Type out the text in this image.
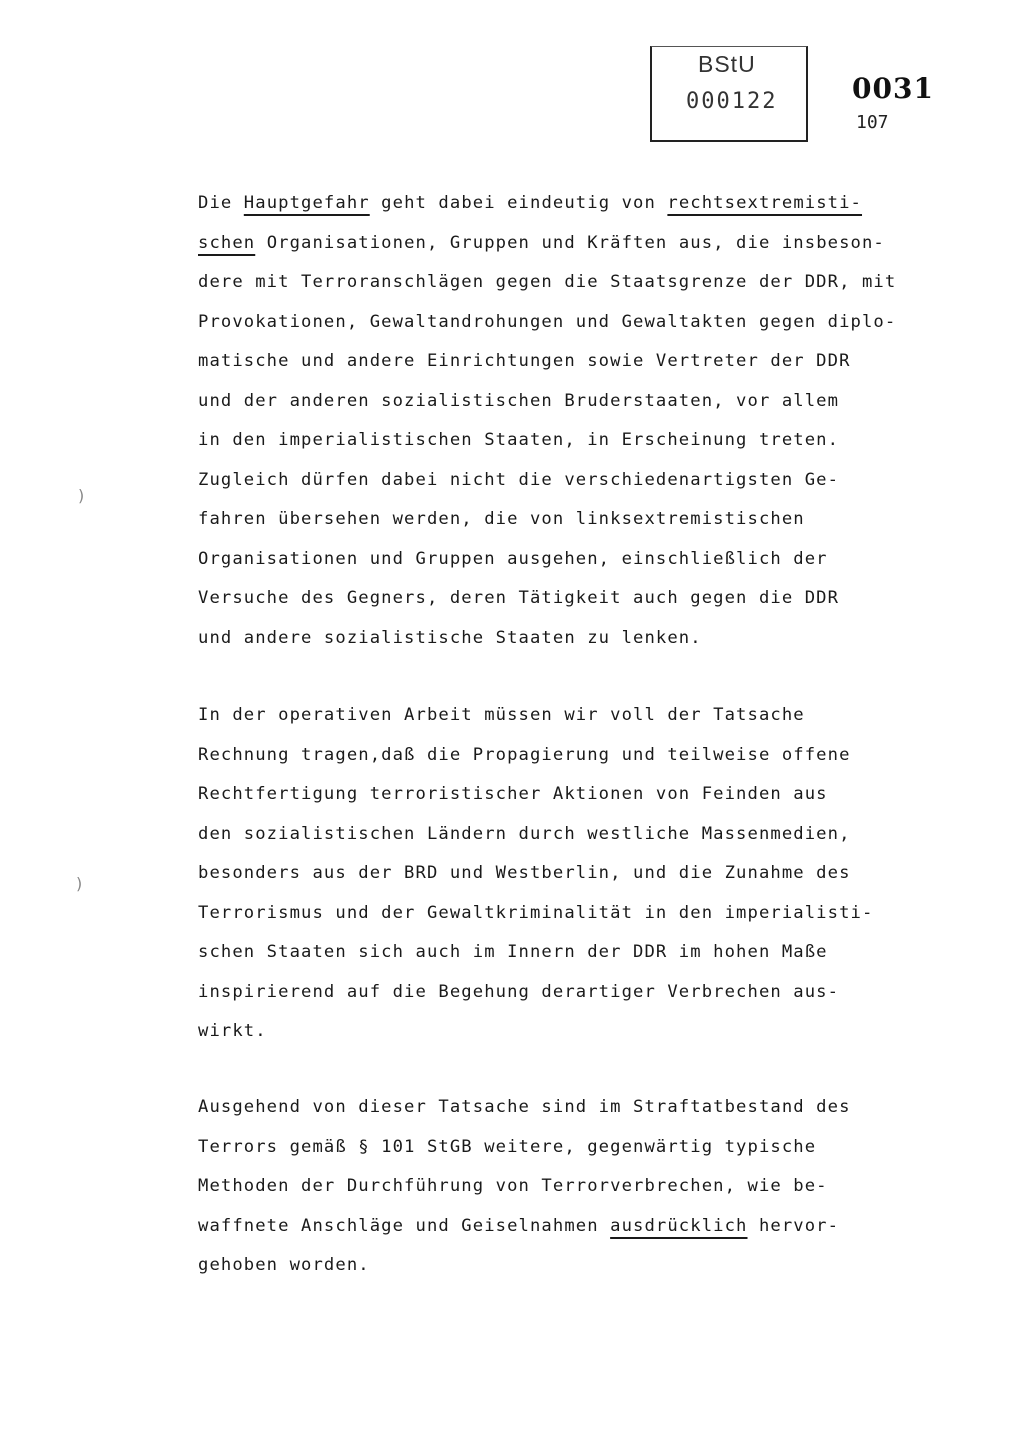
BStU
000122	0031
107
Die Hauptgefahr geht dabei eindeutig von rechtsextremisti-
schen Organisationen, Gruppen und Kräften aus, die insbeson-
dere mit Terroranschlägen gegen die Staatsgrenze der DDR, mit
Provokationen, Gewaltandrohungen und Gewaltakten gegen diplo-
matische und andere Einrichtungen sowie Vertreter der DDR
und der anderen sozialistischen Bruderstaaten, vor allem
in den imperialistischen Staaten, in Erscheinung treten.
Zugleich dürfen dabei nicht die verschiedenartigsten Ge-
fahren übersehen werden, die von linksextremistischen
Organisationen und Gruppen ausgehen, einschließlich der
Versuche des Gegners, deren Tätigkeit auch gegen die DDR
und andere sozialistische Staaten zu lenken.
In der operativen Arbeit müssen wir voll der Tatsache
Rechnung tragen,daß die Propagierung und teilweise offene
Rechtfertigung terroristischer Aktionen von Feinden aus
den sozialistischen Ländern durch westliche Massenmedien,
besonders aus der BRD und Westberlin, und die Zunahme des
Terrorismus und der Gewaltkriminalität in den imperialisti-
schen Staaten sich auch im Innern der DDR im hohen Maße
inspirierend auf die Begehung derartiger Verbrechen aus-
wirkt.
Ausgehend von dieser Tatsache sind im Straftatbestand des
Terrors gemäß § 101 StGB weitere, gegenwärtig typische
Methoden der Durchführung von Terrorverbrechen, wie be-
waffnete Anschläge und Geiselnahmen ausdrücklich hervor-
gehoben worden.
)
)
